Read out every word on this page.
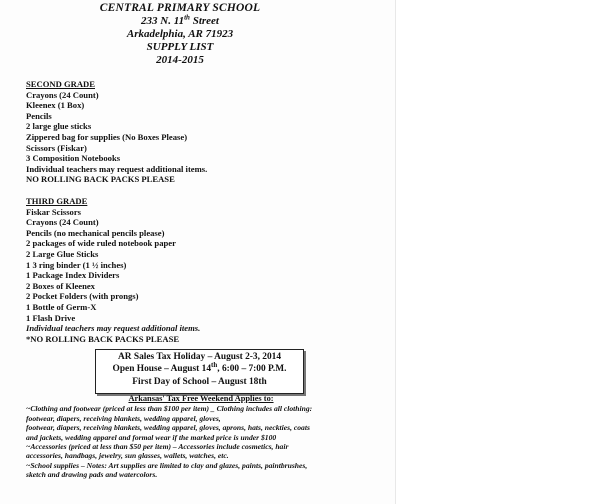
CENTRAL PRIMARY SCHOOL
233 N. 11th Street
Arkadelphia, AR 71923
SUPPLY LIST
2014-2015
SECOND GRADE
Crayons (24 Count)
Kleenex (1 Box)
Pencils
2 large glue sticks
Zippered bag for supplies (No Boxes Please)
Scissors (Fiskar)
3 Composition Notebooks
Individual teachers may request additional items.
NO ROLLING BACK PACKS PLEASE
THIRD GRADE
Fiskar Scissors
Crayons (24 Count)
Pencils (no mechanical pencils please)
2 packages of wide ruled notebook paper
2 Large Glue Sticks
1 3 ring binder (1 ½ inches)
1 Package Index Dividers
2 Boxes of Kleenex
2 Pocket Folders (with prongs)
1 Bottle of Germ-X
1 Flash Drive
Individual teachers may request additional items.
*NO ROLLING BACK PACKS PLEASE
AR Sales Tax Holiday – August 2-3, 2014
Open House – August 14th, 6:00 – 7:00 P.M.
First Day of School – August 18th
Arkansas' Tax Free Weekend Applies to:
~Clothing and footwear (priced at less than $100 per item) _ Clothing includes all clothing:
footwear, diapers, receiving blankets, wedding apparel, gloves,
footwear, diapers, receiving blankets, wedding apparel, gloves, aprons, hats, neckties, coats
and jackets, wedding apparel and formal wear if the marked price is under $100
~Accessories (priced at less than $50 per item) – Accessories include cosmetics, hair
accessories, handbags, jewelry, sun glasses, wallets, watches, etc.
~School supplies – Notes: Art supplies are limited to clay and glazes, paints, paintbrushes,
sketch and drawing pads and watercolors.
